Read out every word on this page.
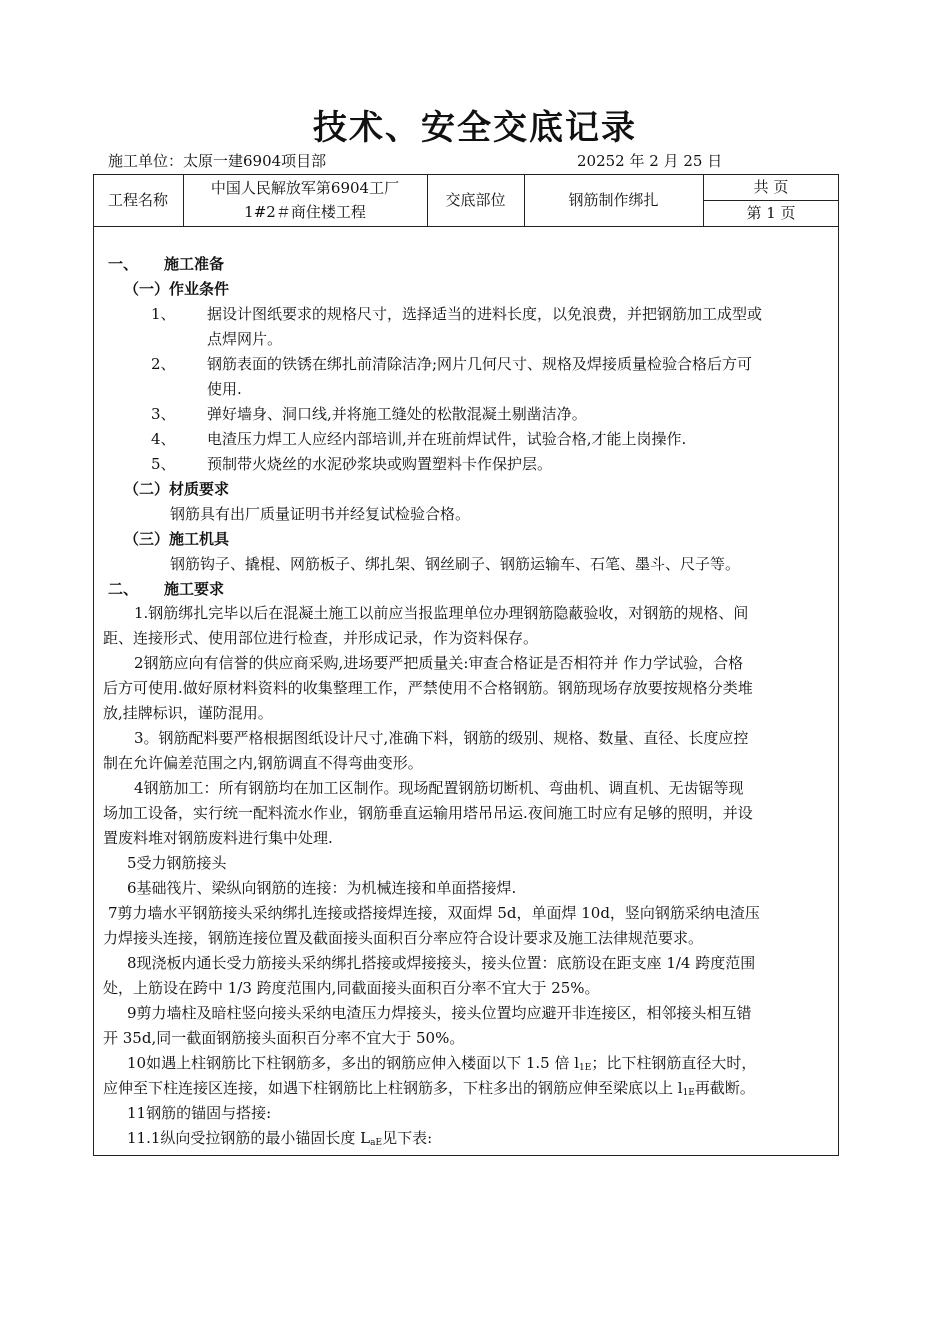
技术、安全交底记录
施工单位：太原一建6904项目部	20252 年 2 月 25 日
工程名称
中国人民解放军第6904工厂
1#2＃商住楼工程
交底部位	钢筋制作绑扎
共 页
第 1 页
一、 施工准备
（一）作业条件
1、 据设计图纸要求的规格尺寸，选择适当的进料长度，以免浪费，并把钢筋加工成型或
点焊网片。
2、 钢筋表面的铁锈在绑扎前清除洁净;网片几何尺寸、规格及焊接质量检验合格后方可
使用.
3、 弹好墙身、洞口线,并将施工缝处的松散混凝土剔凿洁净。
4、 电渣压力焊工人应经内部培训,并在班前焊试件，试验合格,才能上岗操作.
5、 预制带火烧丝的水泥砂浆块或购置塑料卡作保护层。
（二）材质要求
钢筋具有出厂质量证明书并经复试检验合格。
（三）施工机具
钢筋钩子、撬棍、网筋板子、绑扎架、钢丝刷子、钢筋运输车、石笔、墨斗、尺子等。
二、 施工要求
1.钢筋绑扎完毕以后在混凝土施工以前应当报监理单位办理钢筋隐蔽验收，对钢筋的规格、间
距、连接形式、使用部位进行检查，并形成记录，作为资料保存。
2钢筋应向有信誉的供应商采购,进场要严把质量关:审查合格证是否相符并 作力学试验，合格
后方可使用.做好原材料资料的收集整理工作，严禁使用不合格钢筋。钢筋现场存放要按规格分类堆
放,挂牌标识，谨防混用。
3。钢筋配料要严格根据图纸设计尺寸,准确下料，钢筋的级别、规格、数量、直径、长度应控
制在允许偏差范围之内,钢筋调直不得弯曲变形。
4钢筋加工：所有钢筋均在加工区制作。现场配置钢筋切断机、弯曲机、调直机、无齿锯等现
场加工设备，实行统一配料流水作业，钢筋垂直运输用塔吊吊运.夜间施工时应有足够的照明，并设
置废料堆对钢筋废料进行集中处理.
5受力钢筋接头
6基础筏片、梁纵向钢筋的连接：为机械连接和单面搭接焊.
7剪力墙水平钢筋接头采纳绑扎连接或搭接焊连接，双面焊 5d，单面焊 10d，竖向钢筋采纳电渣压
力焊接头连接，钢筋连接位置及截面接头面积百分率应符合设计要求及施工法律规范要求。
8现浇板内通长受力筋接头采纳绑扎搭接或焊接接头，接头位置：底筋设在距支座 1/4 跨度范围
处，上筋设在跨中 1/3 跨度范围内,同截面接头面积百分率不宜大于 25%。
9剪力墙柱及暗柱竖向接头采纳电渣压力焊接头，接头位置均应避开非连接区，相邻接头相互错
开 35d,同一截面钢筋接头面积百分率不宜大于 50%。
10如遇上柱钢筋比下柱钢筋多，多出的钢筋应伸入楼面以下 1.5 倍 $l_{1E}$；比下柱钢筋直径大时，
应伸至下柱连接区连接，如遇下柱钢筋比上柱钢筋多，下柱多出的钢筋应伸至梁底以上 $l_{1E}$再截断。
11钢筋的锚固与搭接:
11.1纵向受拉钢筋的最小锚固长度 $L_{aE}$见下表:
